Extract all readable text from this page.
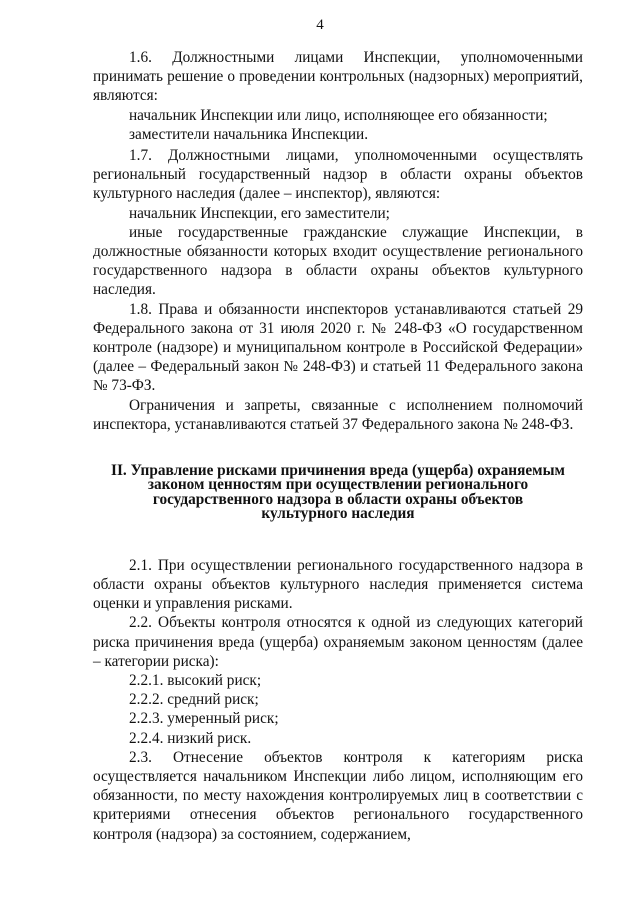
4

1.6. Должностными лицами Инспекции, уполномоченными принимать решение о проведении контрольных (надзорных) мероприятий, являются:

начальник Инспекции или лицо, исполняющее его обязанности;

заместители начальника Инспекции.

1.7. Должностными лицами, уполномоченными осуществлять региональный государственный надзор в области охраны объектов культурного наследия (далее – инспектор), являются:

начальник Инспекции, его заместители;

иные государственные гражданские служащие Инспекции, в должностные обязанности которых входит осуществление регионального государственного надзора в области охраны объектов культурного наследия.

1.8. Права и обязанности инспекторов устанавливаются статьей 29 Федерального закона от 31 июля 2020 г. № 248-ФЗ «О государственном контроле (надзоре) и муниципальном контроле в Российской Федерации» (далее – Федеральный закон № 248-ФЗ) и статьей 11 Федерального закона № 73-ФЗ.

Ограничения и запреты, связанные с исполнением полномочий инспектора, устанавливаются статьей 37 Федерального закона № 248-ФЗ.

II. Управление рисками причинения вреда (ущерба) охраняемым
законом ценностям при осуществлении регионального
государственного надзора в области охраны объектов
культурного наследия

2.1. При осуществлении регионального государственного надзора в области охраны объектов культурного наследия применяется система оценки и управления рисками.

2.2. Объекты контроля относятся к одной из следующих категорий риска причинения вреда (ущерба) охраняемым законом ценностям (далее – категории риска):

2.2.1. высокий риск;

2.2.2. средний риск;

2.2.3. умеренный риск;

2.2.4. низкий риск.

2.3. Отнесение объектов контроля к категориям риска осуществляется начальником Инспекции либо лицом, исполняющим его обязанности, по месту нахождения контролируемых лиц в соответствии с критериями отнесения объектов регионального государственного контроля (надзора) за состоянием, содержанием,
